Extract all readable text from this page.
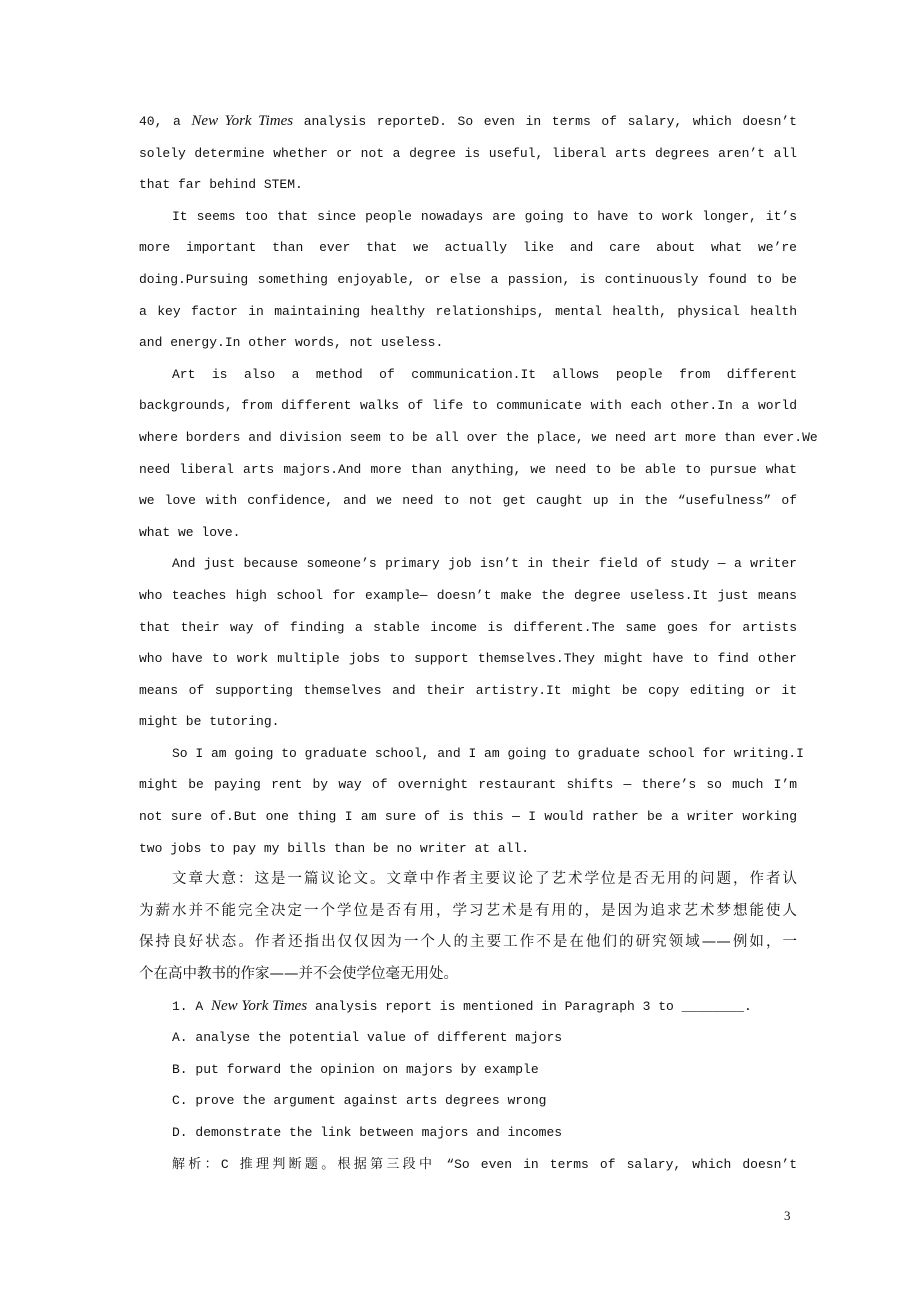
40, a New York Times analysis reporteD. So even in terms of salary, which doesn’t
solely determine whether or not a degree is useful, liberal arts degrees aren’t all
that far behind STEM.
It seems too that since people nowadays are going to have to work longer, it’s
more important than ever that we actually like and care about what we’re
doing.Pursuing something enjoyable, or else a passion, is continuously found to be
a key factor in maintaining healthy relationships, mental health, physical health
and energy.In other words, not useless.
Art is also a method of communication.It allows people from different
backgrounds, from different walks of life to communicate with each other.In a world
where borders and division seem to be all over the place, we need art more than ever.We
need liberal arts majors.And more than anything, we need to be able to pursue what
we love with confidence, and we need to not get caught up in the “usefulness” of
what we love.
And just because someone’s primary job isn’t in their field of study — a writer
who teaches high school for example— doesn’t make the degree useless.It just means
that their way of finding a stable income is different.The same goes for artists
who have to work multiple jobs to support themselves.They might have to find other
means of supporting themselves and their artistry.It might be copy editing or it
might be tutoring.
So I am going to graduate school, and I am going to graduate school for writing.I
might be paying rent by way of overnight restaurant shifts — there’s so much I’m
not sure of.But one thing I am sure of is this — I would rather be a writer working
two jobs to pay my bills than be no writer at all.
文章大意：这是一篇议论文。文章中作者主要议论了艺术学位是否无用的问题，作者认
为薪水并不能完全决定一个学位是否有用，学习艺术是有用的，是因为追求艺术梦想能使人
保持良好状态。作者还指出仅仅因为一个人的主要工作不是在他们的研究领域——例如，一
个在高中教书的作家——并不会使学位毫无用处。
1. A New York Times analysis report is mentioned in Paragraph 3 to ________.
A. analyse the potential value of different majors
B. put forward the opinion on majors by example
C. prove the argument against arts degrees wrong
D. demonstrate the link between majors and incomes
解析：C 推理判断题。根据第三段中 “So even in terms of salary, which doesn’t
3
